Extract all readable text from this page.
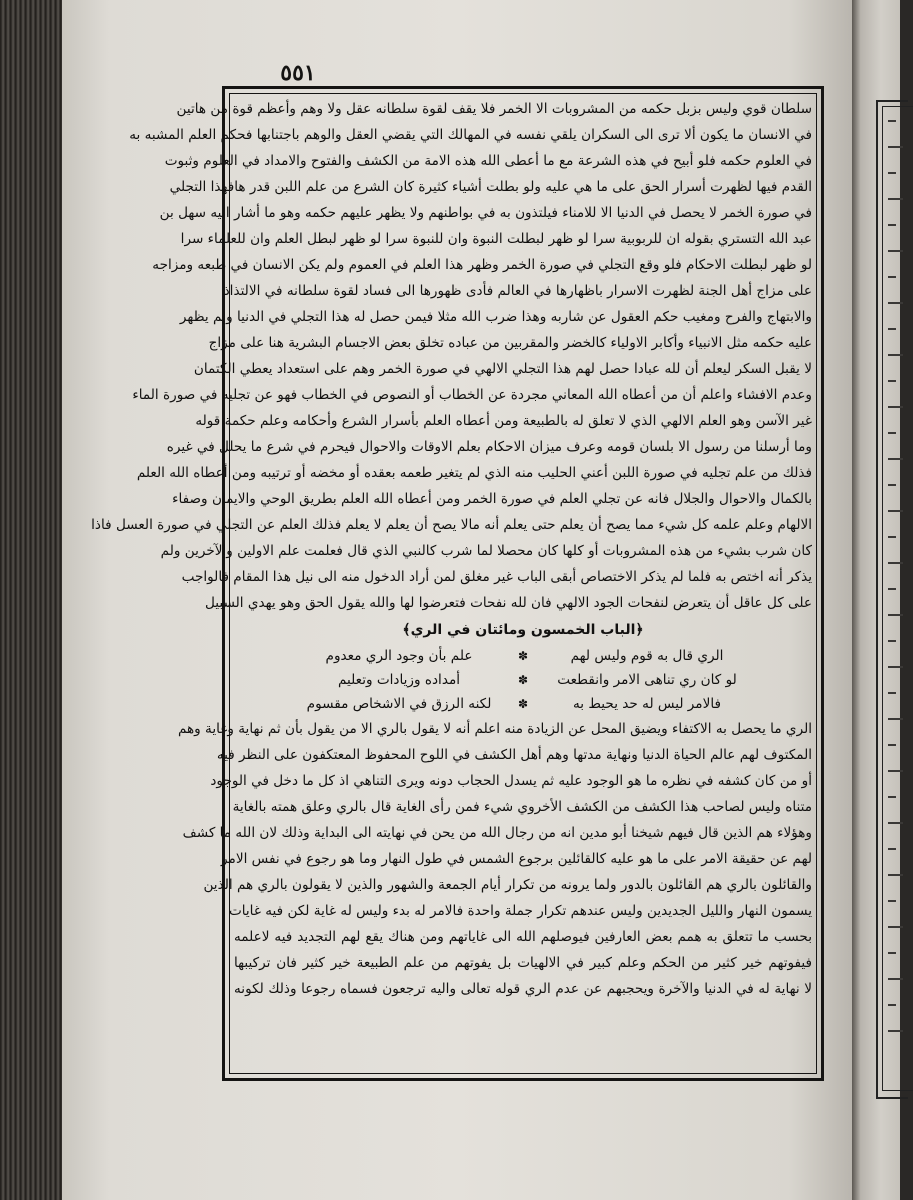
٥٥١
سلطان قوي وليس بزبل حكمه من المشروبات الا الخمر فلا يقف لقوة سلطانه عقل ولا وهم وأعظم قوة من هاتين
في الانسان ما يكون ألا ترى الى السكران يلقي نفسه في المهالك التي يقضي العقل والوهم باجتنابها فحكم العلم المشبه به
في العلوم حكمه فلو أبيح في هذه الشرعة مع ما أعطى الله هذه الامة من الكشف والفتوح والامداد في العلوم وثبوت
القدم فيها لظهرت أسرار الحق على ما هي عليه ولو بطلت أشياء كثيرة كان الشرع من علم اللبن قدر هافهذا التجلي
في صورة الخمر لا يحصل في الدنيا الا للامناء فيلتذون به في بواطنهم ولا يظهر عليهم حكمه وهو ما أشار اليه سهل بن
عبد الله التستري بقوله ان للربوبية سرا لو ظهر لبطلت النبوة وان للنبوة سرا لو ظهر لبطل العلم وان للعلماء سرا
لو ظهر لبطلت الاحكام فلو وقع التجلي في صورة الخمر وظهر هذا العلم في العموم ولم يكن الانسان في طبعه ومزاجه
على مزاج أهل الجنة لظهرت الاسرار باظهارها في العالم فأدى ظهورها الى فساد لقوة سلطانه في الالتذاذ
والابتهاج والفرح ومغيب حكم العقول عن شاربه وهذا ضرب الله مثلا فيمن حصل له هذا التجلي في الدنيا ولم يظهر
عليه حكمه مثل الانبياء وأكابر الاولياء كالخضر والمقربين من عباده تخلق بعض الاجسام البشرية هنا على مزاج
لا يقبل السكر ليعلم أن لله عبادا حصل لهم هذا التجلي الالهي في صورة الخمر وهم على استعداد يعطي الكتمان
وعدم الافشاء واعلم أن من أعطاه الله المعاني مجردة عن الخطاب أو النصوص في الخطاب فهو عن تجليه في صورة الماء
غير الآسن وهو العلم الالهي الذي لا تعلق له بالطبيعة ومن أعطاه العلم بأسرار الشرع وأحكامه وعلم حكمة قوله
وما أرسلنا من رسول الا بلسان قومه وعرف ميزان الاحكام بعلم الاوقات والاحوال فيحرم في شرع ما يحلل في غيره
فذلك من علم تجليه في صورة اللبن أعني الحليب منه الذي لم يتغير طعمه بعقده أو مخضه أو ترتيبه ومن أعطاه الله العلم
بالكمال والاحوال والجلال فانه عن تجلي العلم في صورة الخمر ومن أعطاه الله العلم بطريق الوحي والايمان وصفاء
الالهام وعلم علمه كل شيء مما يصح أن يعلم حتى يعلم أنه مالا يصح أن يعلم لا يعلم فذلك العلم عن التجلي في صورة العسل فاذا
كان شرب بشيء من هذه المشروبات أو كلها كان محصلا لما شرب كالنبي الذي قال فعلمت علم الاولين والآخرين ولم
يذكر أنه اختص به فلما لم يذكر الاختصاص أبقى الباب غير مغلق لمن أراد الدخول منه الى نيل هذا المقام فالواجب
على كل عاقل أن يتعرض لنفحات الجود الالهي فان لله نفحات فتعرضوا لها والله يقول الحق وهو يهدي السبيل
﴿الباب الخمسون ومائتان في الري﴾
الري قال به قوم وليس لهم
✽
علم بأن وجود الري معدوم
لو كان ري تناهى الامر وانقطعت
✽
أمداده وزيادات وتعليم
فالامر ليس له حد يحيط به
✽
لكنه الرزق في الاشخاص مقسوم
الري ما يحصل به الاكتفاء ويضيق المحل عن الزيادة منه اعلم أنه لا يقول بالري الا من يقول بأن ثم نهاية وغاية وهم
المكتوف لهم عالم الحياة الدنيا ونهاية مدتها وهم أهل الكشف في اللوح المحفوظ المعتكفون على النظر فيه
أو من كان كشفه في نظره ما هو الوجود عليه ثم يسدل الحجاب دونه ويرى التناهي اذ كل ما دخل في الوجود
متناه وليس لصاحب هذا الكشف من الكشف الأخروي شيء فمن رأى الغاية قال بالري وعلق همته بالغاية
وهؤلاء هم الذين قال فيهم شيخنا أبو مدين انه من رجال الله من يحن في نهايته الى البداية وذلك لان الله ما كشف
لهم عن حقيقة الامر على ما هو عليه كالقائلين برجوع الشمس في طول النهار وما هو رجوع في نفس الامر
والقائلون بالري هم القائلون بالدور ولما يرونه من تكرار أيام الجمعة والشهور والذين لا يقولون بالري هم الذين
يسمون النهار والليل الجديدين وليس عندهم تكرار جملة واحدة فالامر له بدء وليس له غاية لكن فيه غايات
بحسب ما تتعلق به همم بعض العارفين فيوصلهم الله الى غاياتهم ومن هناك يقع لهم التجديد فيه لاعلمه
فيفوتهم خير كثير من الحكم وعلم كبير في الالهيات بل يفوتهم من علم الطبيعة خير كثير فان تركيبها
لا نهاية له في الدنيا والآخرة ويحجبهم عن عدم الري قوله تعالى واليه ترجعون فسماه رجوعا وذلك لكونه
